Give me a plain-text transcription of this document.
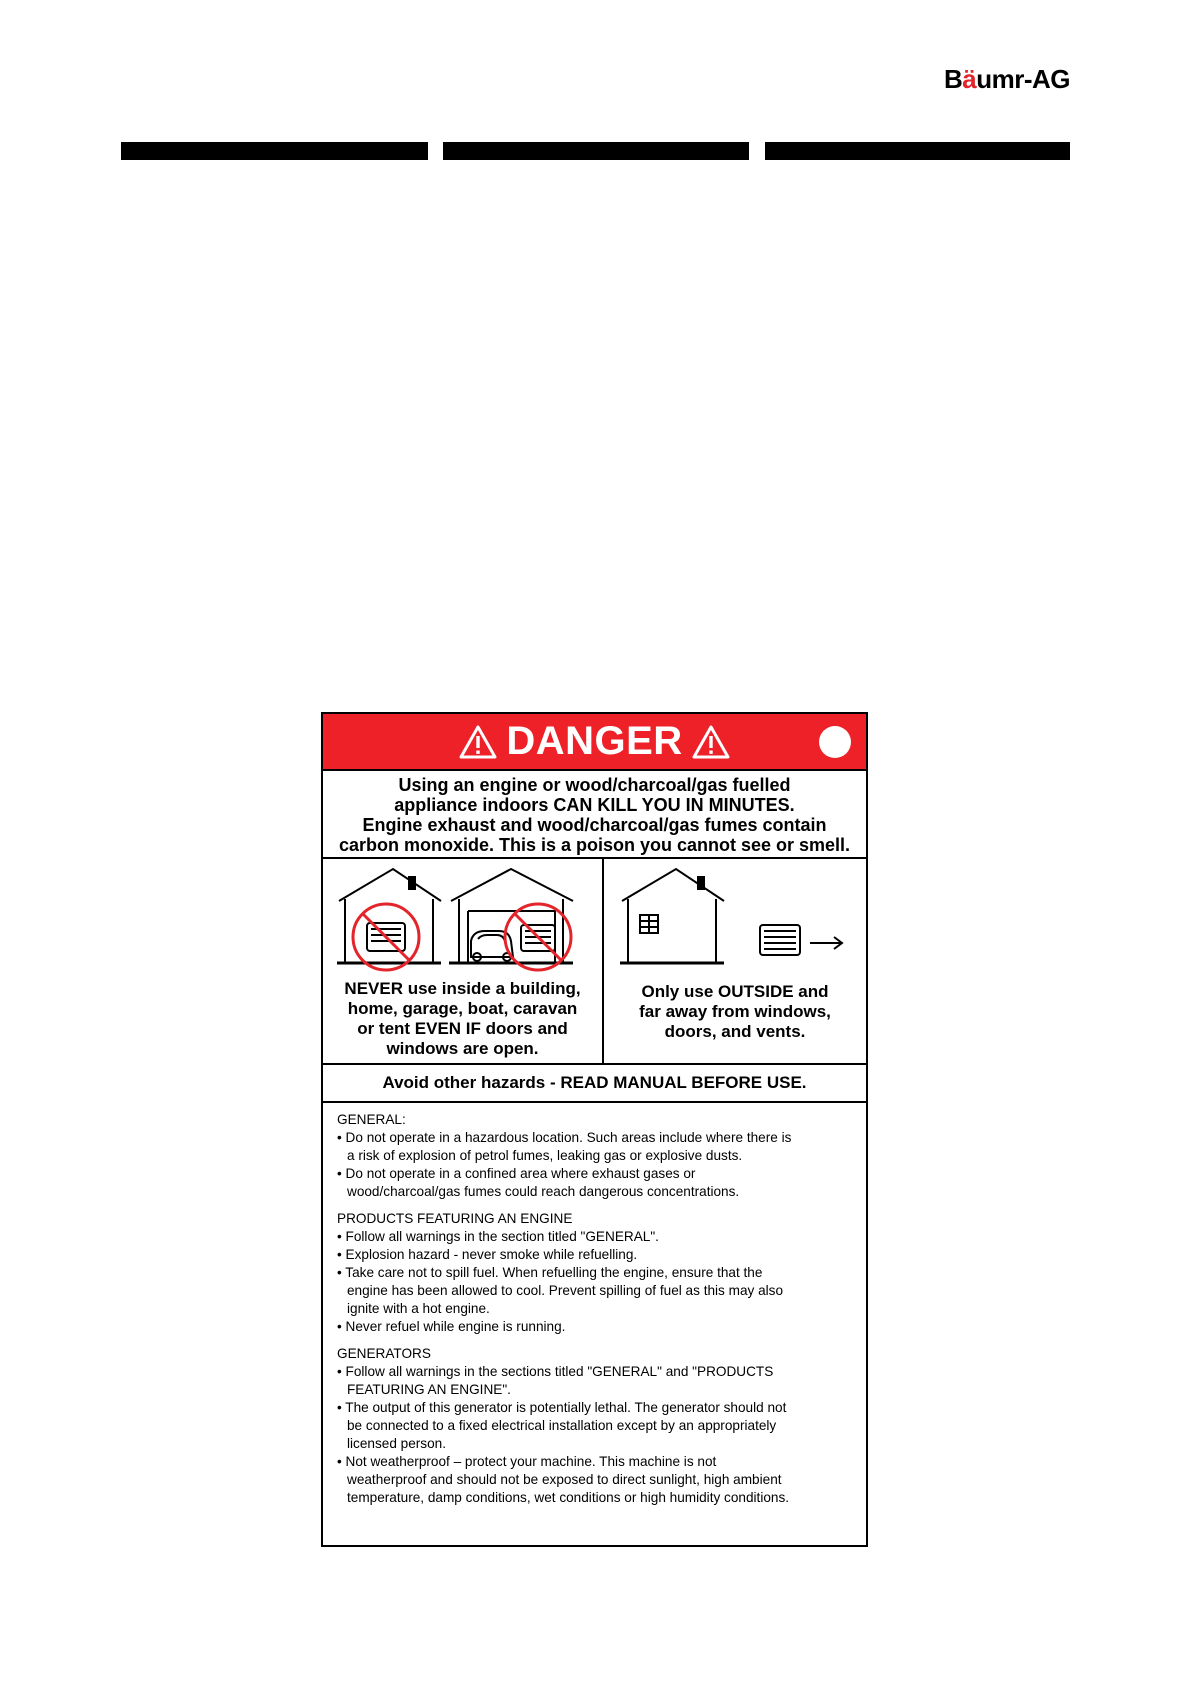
Bäumr-AG
DANGER
Using an engine or wood/charcoal/gas fuelled
appliance indoors CAN KILL YOU IN MINUTES.
Engine exhaust and wood/charcoal/gas fumes contain
carbon monoxide. This is a poison you cannot see or smell.
NEVER use inside a building,
home, garage, boat, caravan
or tent EVEN IF doors and
windows are open.
Only use OUTSIDE and
far away from windows,
doors, and vents.
Avoid other hazards - READ MANUAL BEFORE USE.
GENERAL:
• Do not operate in a hazardous location. Such areas include where there is
a risk of explosion of petrol fumes, leaking gas or explosive dusts.
• Do not operate in a confined area where exhaust gases or
wood/charcoal/gas fumes could reach dangerous concentrations.
PRODUCTS FEATURING AN ENGINE
• Follow all warnings in the section titled "GENERAL".
• Explosion hazard - never smoke while refuelling.
• Take care not to spill fuel. When refuelling the engine, ensure that the
engine has been allowed to cool. Prevent spilling of fuel as this may also
ignite with a hot engine.
• Never refuel while engine is running.
GENERATORS
• Follow all warnings in the sections titled "GENERAL" and "PRODUCTS
FEATURING AN ENGINE".
• The output of this generator is potentially lethal. The generator should not
be connected to a fixed electrical installation except by an appropriately
licensed person.
• Not weatherproof – protect your machine. This machine is not
weatherproof and should not be exposed to direct sunlight, high ambient
temperature, damp conditions, wet conditions or high humidity conditions.
